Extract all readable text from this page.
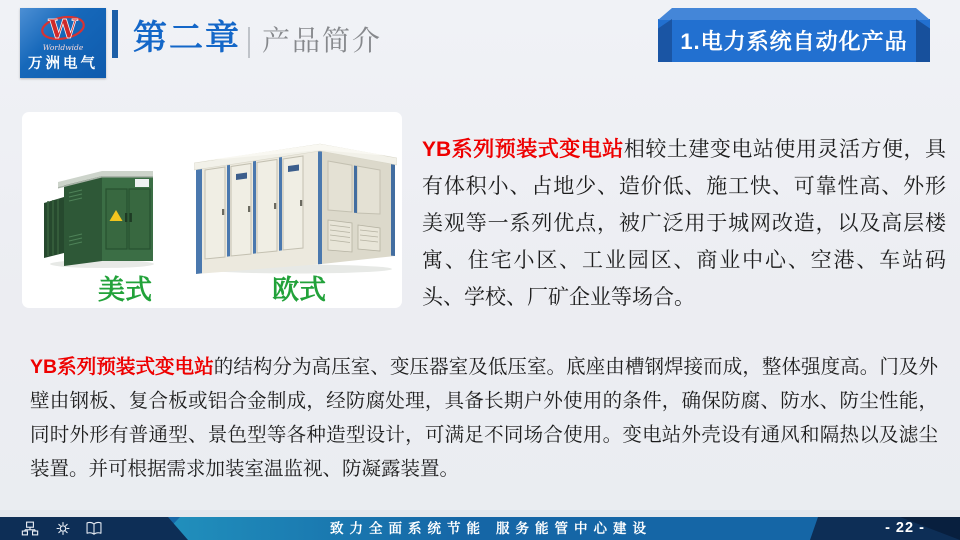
W
Worldwide
万洲电气
第二章 产品简介	1.电力系统自动化产品
美式	欧式

YB系列预装式变电站相较土建变电站使用灵活方便，具有体积小、占地少、造价低、施工快、可靠性高、外形美观等一系列优点，被广泛用于城网改造，以及高层楼寓、住宅小区、工业园区、商业中心、空港、车站码头、学校、厂矿企业等场合。

YB系列预装式变电站的结构分为高压室、变压器室及低压室。底座由槽钢焊接而成，整体强度高。门及外壁由钢板、复合板或铝合金制成，经防腐处理，具备长期户外使用的条件，确保防腐、防水、防尘性能，同时外形有普通型、景色型等各种造型设计，可满足不同场合使用。变电站外壳设有通风和隔热以及滤尘装置。并可根据需求加装室温监视、防凝露装置。

致力全面系统节能 服务能管中心建设	- 22 -
